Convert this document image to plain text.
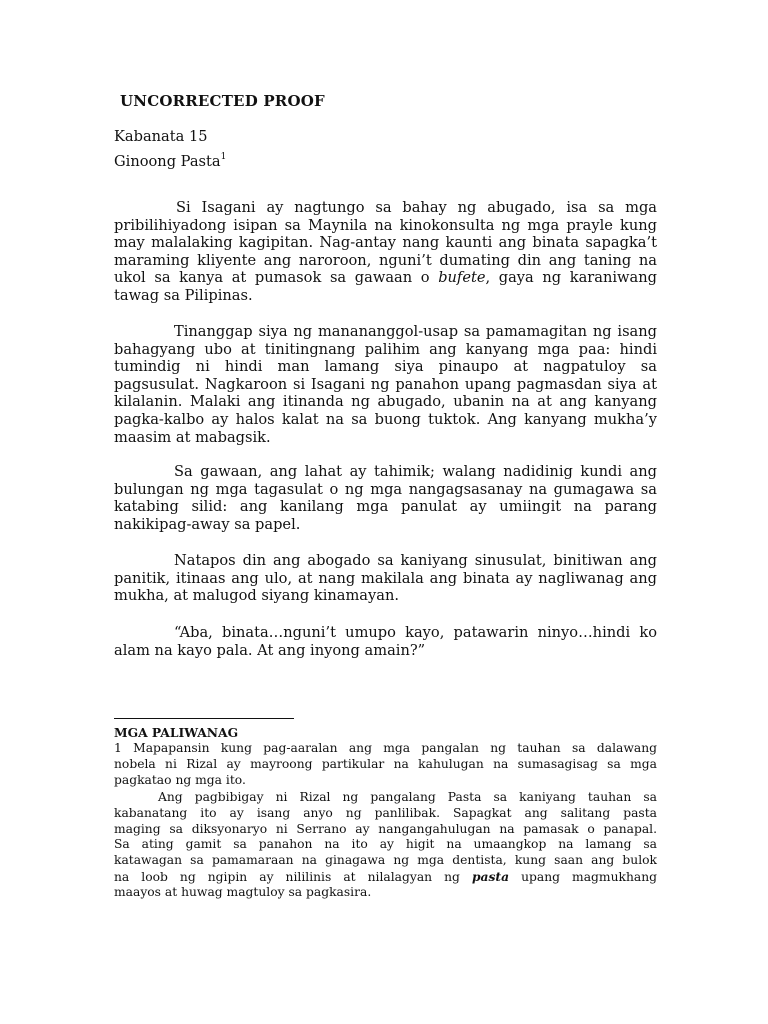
UNCORRECTED PROOF
Kabanata 15
Ginoong Pasta$^1$
Si Isagani ay nagtungo sa bahay ng abugado, isa sa mga
pribilihiyadong isipan sa Maynila na kinokonsulta ng mga prayle kung
may malalaking kagipitan. Nag-antay nang kaunti ang binata sapagka’t
maraming kliyente ang naroroon, nguni’t dumating din ang taning na
ukol sa kanya at pumasok sa gawaan o bufete, gaya ng karaniwang
tawag sa Pilipinas.
Tinanggap siya ng manananggol-usap sa pamamagitan ng isang
bahagyang ubo at tinitingnang palihim ang kanyang mga paa: hindi
tumindig ni hindi man lamang siya pinaupo at nagpatuloy sa
pagsusulat. Nagkaroon si Isagani ng panahon upang pagmasdan siya at
kilalanin. Malaki ang itinanda ng abugado, ubanin na at ang kanyang
pagka-kalbo ay halos kalat na sa buong tuktok. Ang kanyang mukha’y
maasim at mabagsik.
Sa gawaan, ang lahat ay tahimik; walang nadidinig kundi ang
bulungan ng mga tagasulat o ng mga nangagsasanay na gumagawa sa
katabing silid: ang kanilang mga panulat ay umiingit na parang
nakikipag-away sa papel.
Natapos din ang abogado sa kaniyang sinusulat, binitiwan ang
panitik, itinaas ang ulo, at nang makilala ang binata ay nagliwanag ang
mukha, at malugod siyang kinamayan.
“Aba, binata…nguni’t umupo kayo, patawarin ninyo…hindi ko
alam na kayo pala. At ang inyong amain?”
MGA PALIWANAG
1 Mapapansin kung pag-aaralan ang mga pangalan ng tauhan sa dalawang
nobela ni Rizal ay mayroong partikular na kahulugan na sumasagisag sa mga
pagkatao ng mga ito.
Ang pagbibigay ni Rizal ng pangalang Pasta sa kaniyang tauhan sa
kabanatang ito ay isang anyo ng panlilibak. Sapagkat ang salitang pasta
maging sa diksyonaryo ni Serrano ay nangangahulugan na pamasak o panapal.
Sa ating gamit sa panahon na ito ay higit na umaangkop na lamang sa
katawagan sa pamamaraan na ginagawa ng mga dentista, kung saan ang bulok
na loob ng ngipin ay nililinis at nilalagyan ng pasta upang magmukhang
maayos at huwag magtuloy sa pagkasira.
